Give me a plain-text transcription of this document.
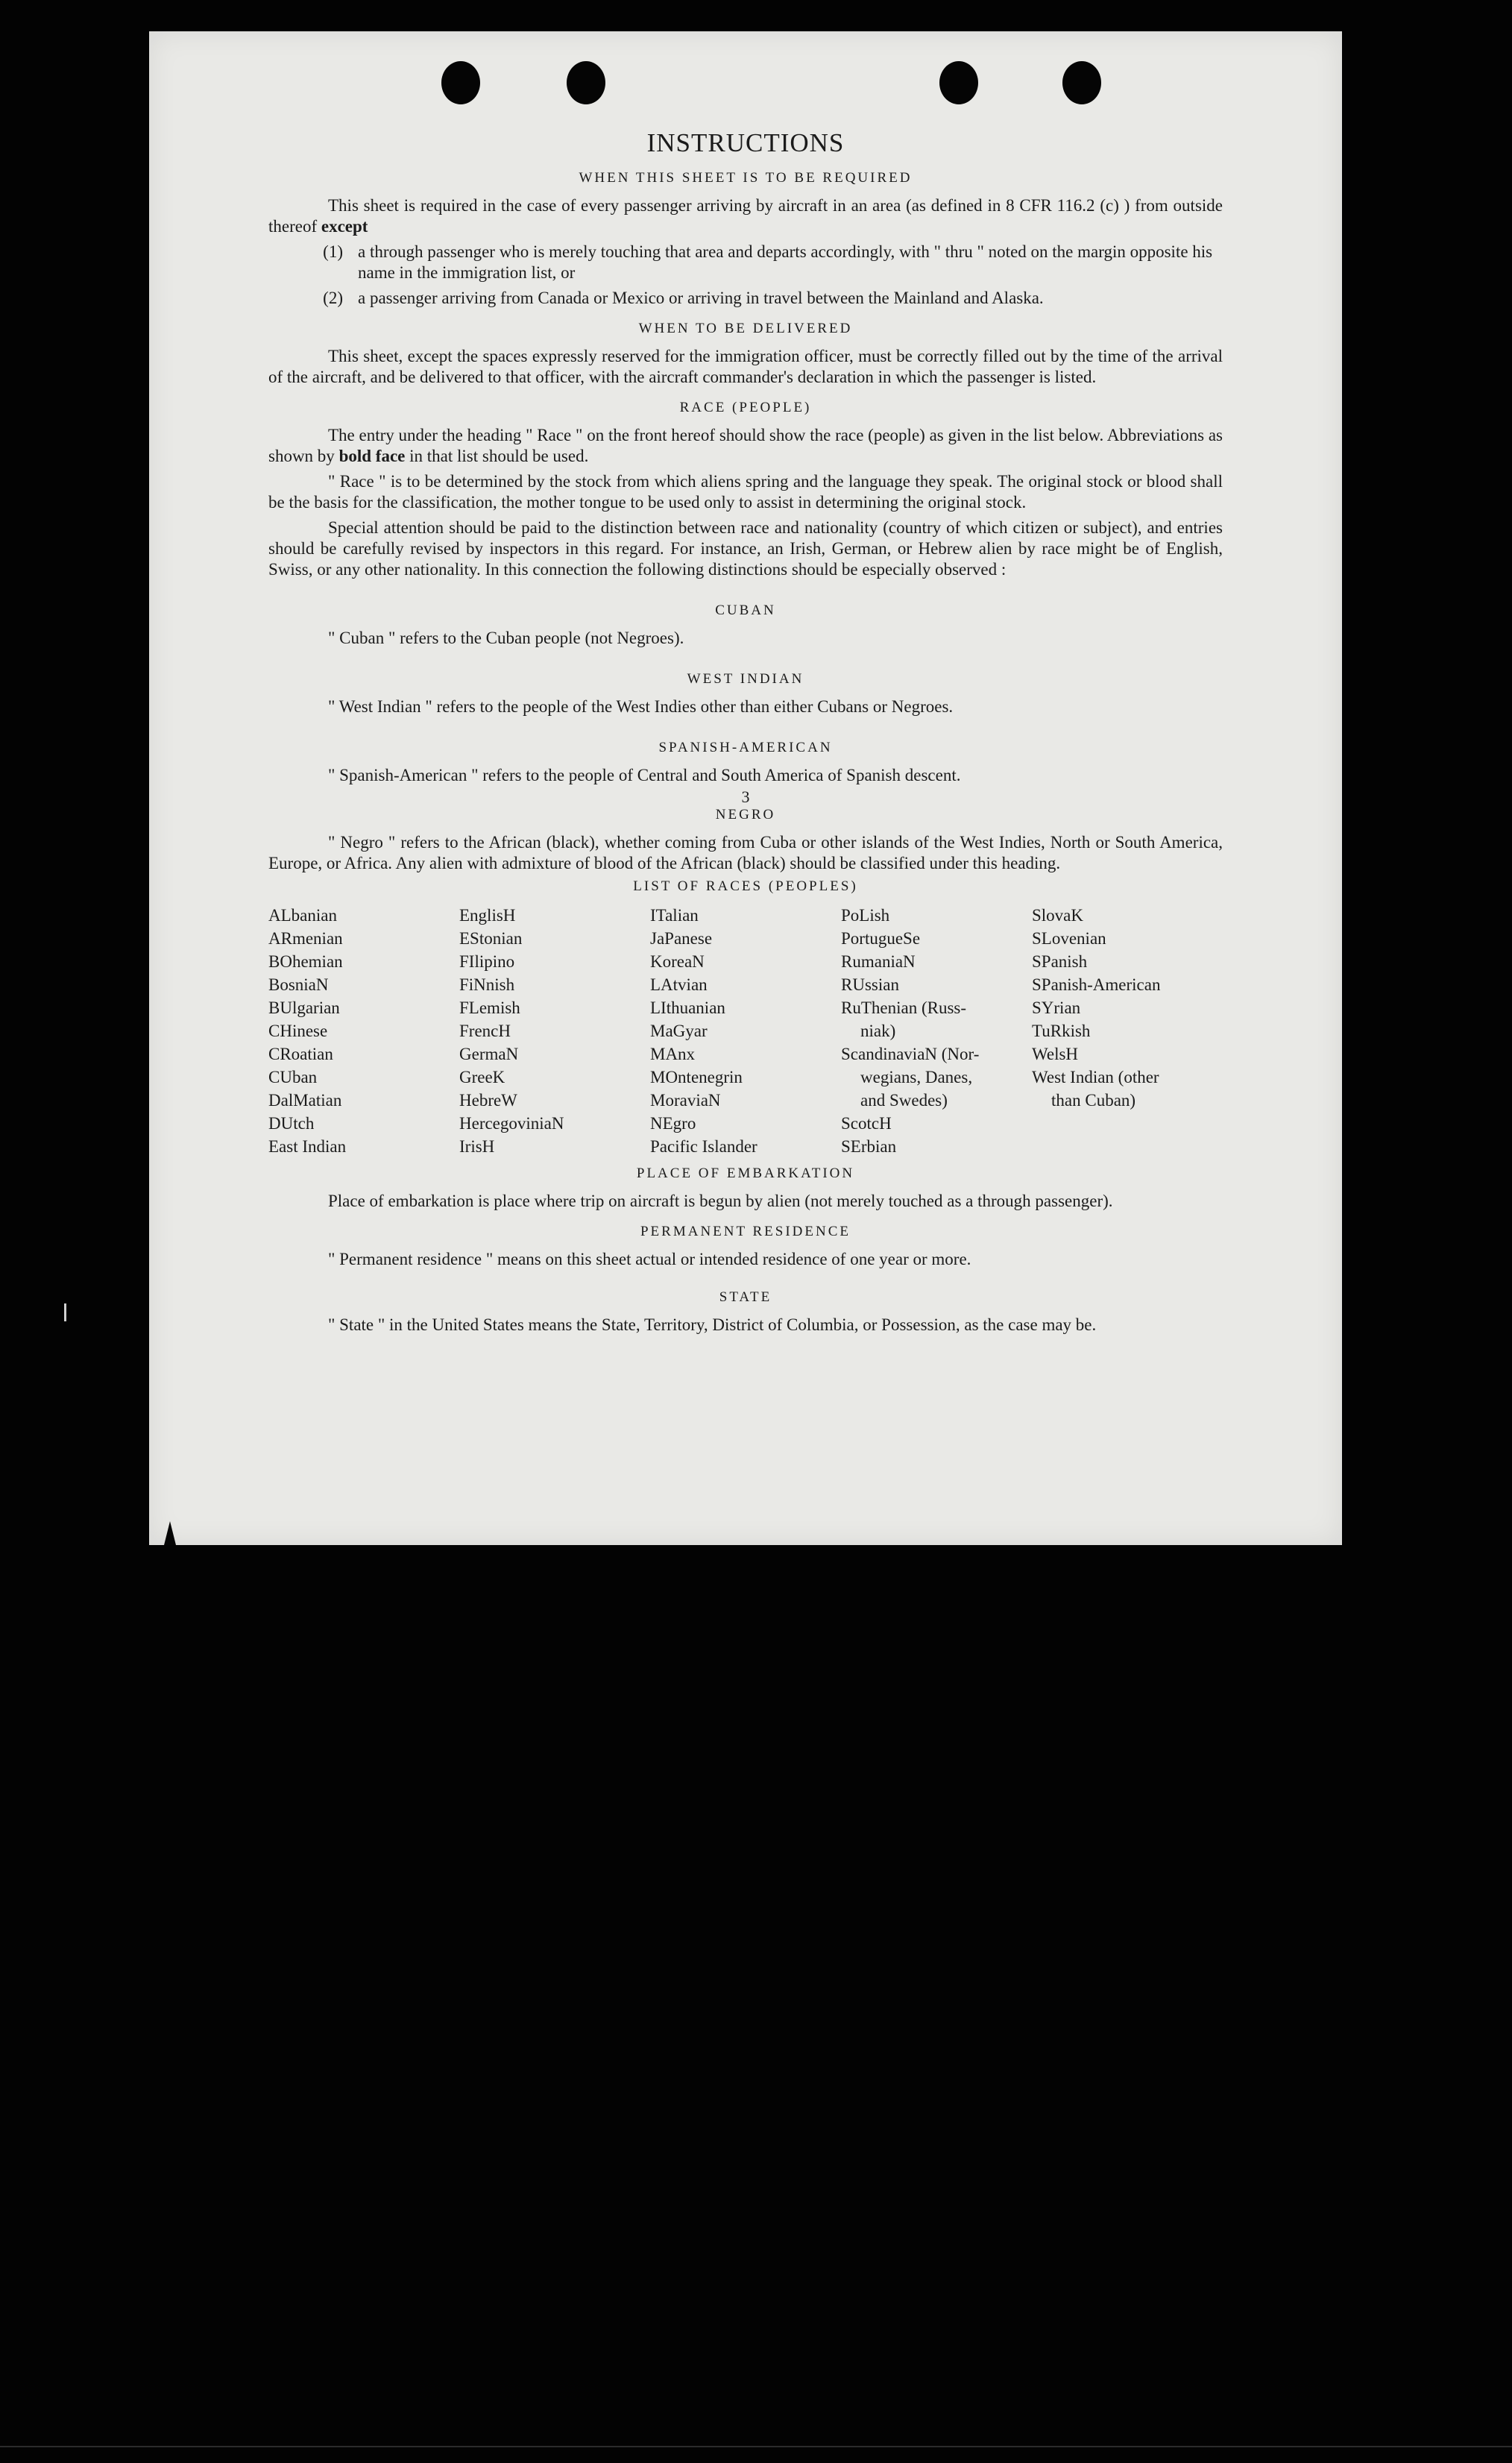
INSTRUCTIONS
WHEN THIS SHEET IS TO BE REQUIRED

This sheet is required in the case of every passenger arriving by aircraft in an area (as defined in 8 CFR 116.2 (c) ) from outside thereof except

(1) a through passenger who is merely touching that area and departs accordingly, with " thru " noted on the margin opposite his name in the immigration list, or
(2) a passenger arriving from Canada or Mexico or arriving in travel between the Mainland and Alaska.
WHEN TO BE DELIVERED

This sheet, except the spaces expressly reserved for the immigration officer, must be correctly filled out by the time of the arrival of the aircraft, and be delivered to that officer, with the aircraft commander's declaration in which the passenger is listed.

RACE (PEOPLE)

The entry under the heading " Race " on the front hereof should show the race (people) as given in the list below. Abbreviations as shown by bold face in that list should be used.

" Race " is to be determined by the stock from which aliens spring and the language they speak. The original stock or blood shall be the basis for the classification, the mother tongue to be used only to assist in determining the original stock.

Special attention should be paid to the distinction between race and nationality (country of which citizen or subject), and entries should be carefully revised by inspectors in this regard. For instance, an Irish, German, or Hebrew alien by race might be of English, Swiss, or any other nationality. In this connection the following distinctions should be especially observed :

CUBAN

" Cuban " refers to the Cuban people (not Negroes).

WEST INDIAN

" West Indian " refers to the people of the West Indies other than either Cubans or Negroes.

SPANISH-AMERICAN

" Spanish-American " refers to the people of Central and South America of Spanish descent.

3
NEGRO

" Negro " refers to the African (black), whether coming from Cuba or other islands of the West Indies, North or South America, Europe, or Africa. Any alien with admixture of blood of the African (black) should be classified under this heading.

LIST OF RACES (PEOPLES)
ALbanian
ARmenian
BOhemian
BosniaN
BUlgarian
CHinese
CRoatian
CUban
DalMatian
DUtch
East Indian
EnglisH
EStonian
FIlipino
FiNnish
FLemish
FrencH
GermaN
GreeK
HebreW
HercegoviniaN
IrisH
ITalian
JaPanese
KoreaN
LAtvian
LIthuanian
MaGyar
MAnx
MOntenegrin
MoraviaN
NEgro
Pacific Islander
PoLish
PortugueSe
RumaniaN
RUssian
RuThenian (Russ-
niak)
ScandinaviaN (Nor-
wegians, Danes,
and Swedes)
ScotcH
SErbian
SlovaK
SLovenian
SPanish
SPanish-American
SYrian
TuRkish
WelsH
West Indian (other
than Cuban)
PLACE OF EMBARKATION

Place of embarkation is place where trip on aircraft is begun by alien (not merely touched as a through passenger).

PERMANENT RESIDENCE

" Permanent residence " means on this sheet actual or intended residence of one year or more.

STATE

" State " in the United States means the State, Territory, District of Columbia, or Possession, as the case may be.
